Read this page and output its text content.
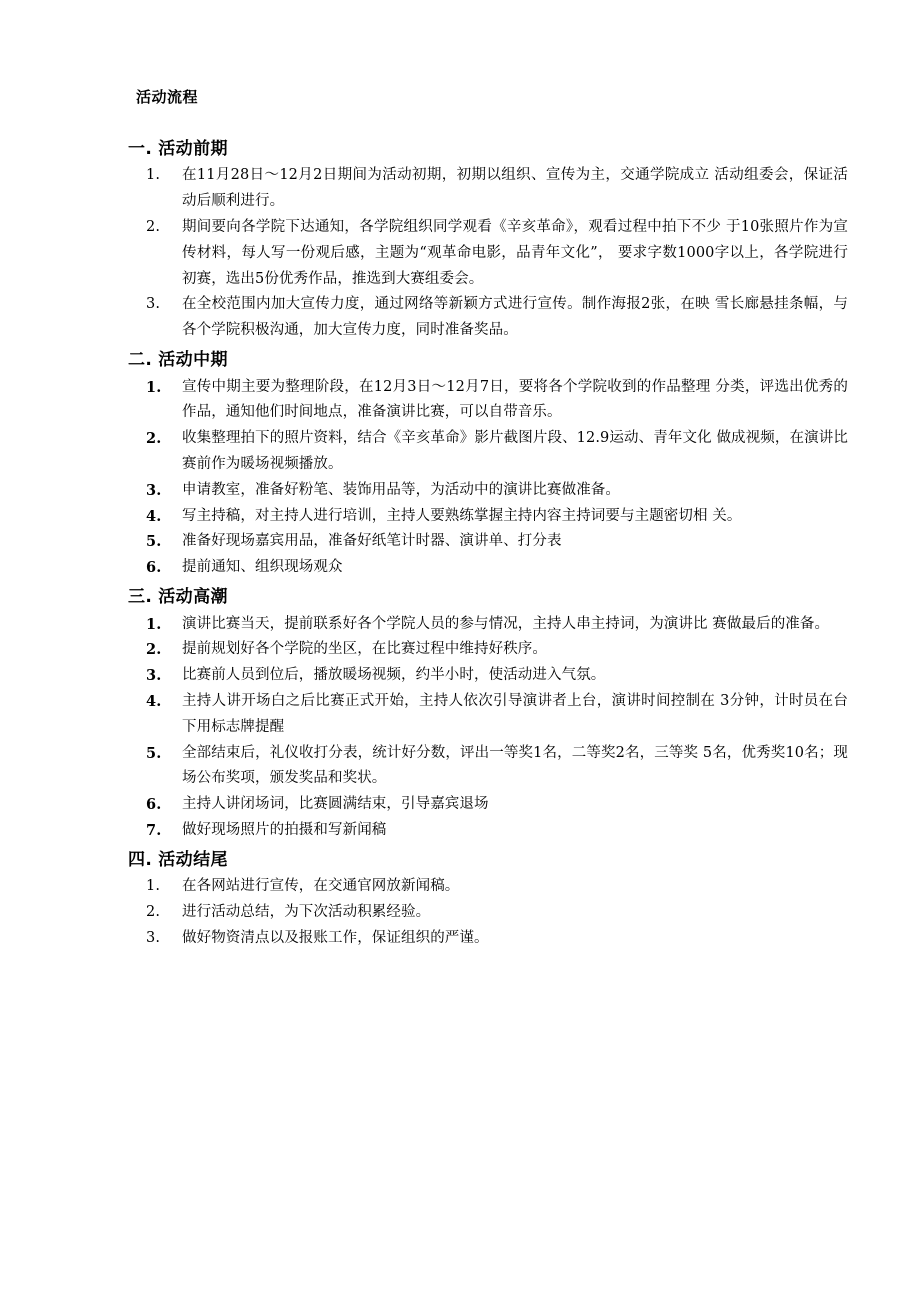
活动流程
一. 活动前期
1.	在11月28日～12月2日期间为活动初期，初期以组织、宣传为主，交通学院成立 活动组委会，保证活动后顺利进行。
2.	期间要向各学院下达通知，各学院组织同学观看《辛亥革命》，观看过程中拍下不少 于10张照片作为宣传材料，每人写一份观后感，主题为“观革命电影，品青年文化”， 要求字数1000字以上，各学院进行初赛，选出5份优秀作品，推选到大赛组委会。
3.	在全校范围内加大宣传力度，通过网络等新颖方式进行宣传。制作海报2张，在映 雪长廊悬挂条幅，与各个学院积极沟通，加大宣传力度，同时准备奖品。
二. 活动中期
1.	宣传中期主要为整理阶段，在12月3日～12月7日，要将各个学院收到的作品整理 分类，评选出优秀的作品，通知他们时间地点，准备演讲比赛，可以自带音乐。
2.	收集整理拍下的照片资料，结合《辛亥革命》影片截图片段、12.9运动、青年文化 做成视频，在演讲比赛前作为暖场视频播放。
3.	申请教室，准备好粉笔、装饰用品等，为活动中的演讲比赛做准备。
4.	写主持稿，对主持人进行培训，主持人要熟练掌握主持内容主持词要与主题密切相 关。
5.	准备好现场嘉宾用品，准备好纸笔计时器、演讲单、打分表
6.	提前通知、组织现场观众
三. 活动高潮
1.	演讲比赛当天，提前联系好各个学院人员的参与情况，主持人串主持词，为演讲比 赛做最后的准备。
2.	提前规划好各个学院的坐区，在比赛过程中维持好秩序。
3.	比赛前人员到位后，播放暖场视频，约半小时，使活动进入气氛。
4.	主持人讲开场白之后比赛正式开始，主持人依次引导演讲者上台，演讲时间控制在 3分钟，计时员在台下用标志牌提醒
5.	全部结束后，礼仪收打分表，统计好分数，评出一等奖1名，二等奖2名，三等奖 5名，优秀奖10名；现场公布奖项，颁发奖品和奖状。
6.	主持人讲闭场词，比赛圆满结束，引导嘉宾退场
7.	做好现场照片的拍摄和写新闻稿
四. 活动结尾
1.	在各网站进行宣传，在交通官网放新闻稿。
2.	进行活动总结，为下次活动积累经验。
3.	做好物资清点以及报账工作，保证组织的严谨。
